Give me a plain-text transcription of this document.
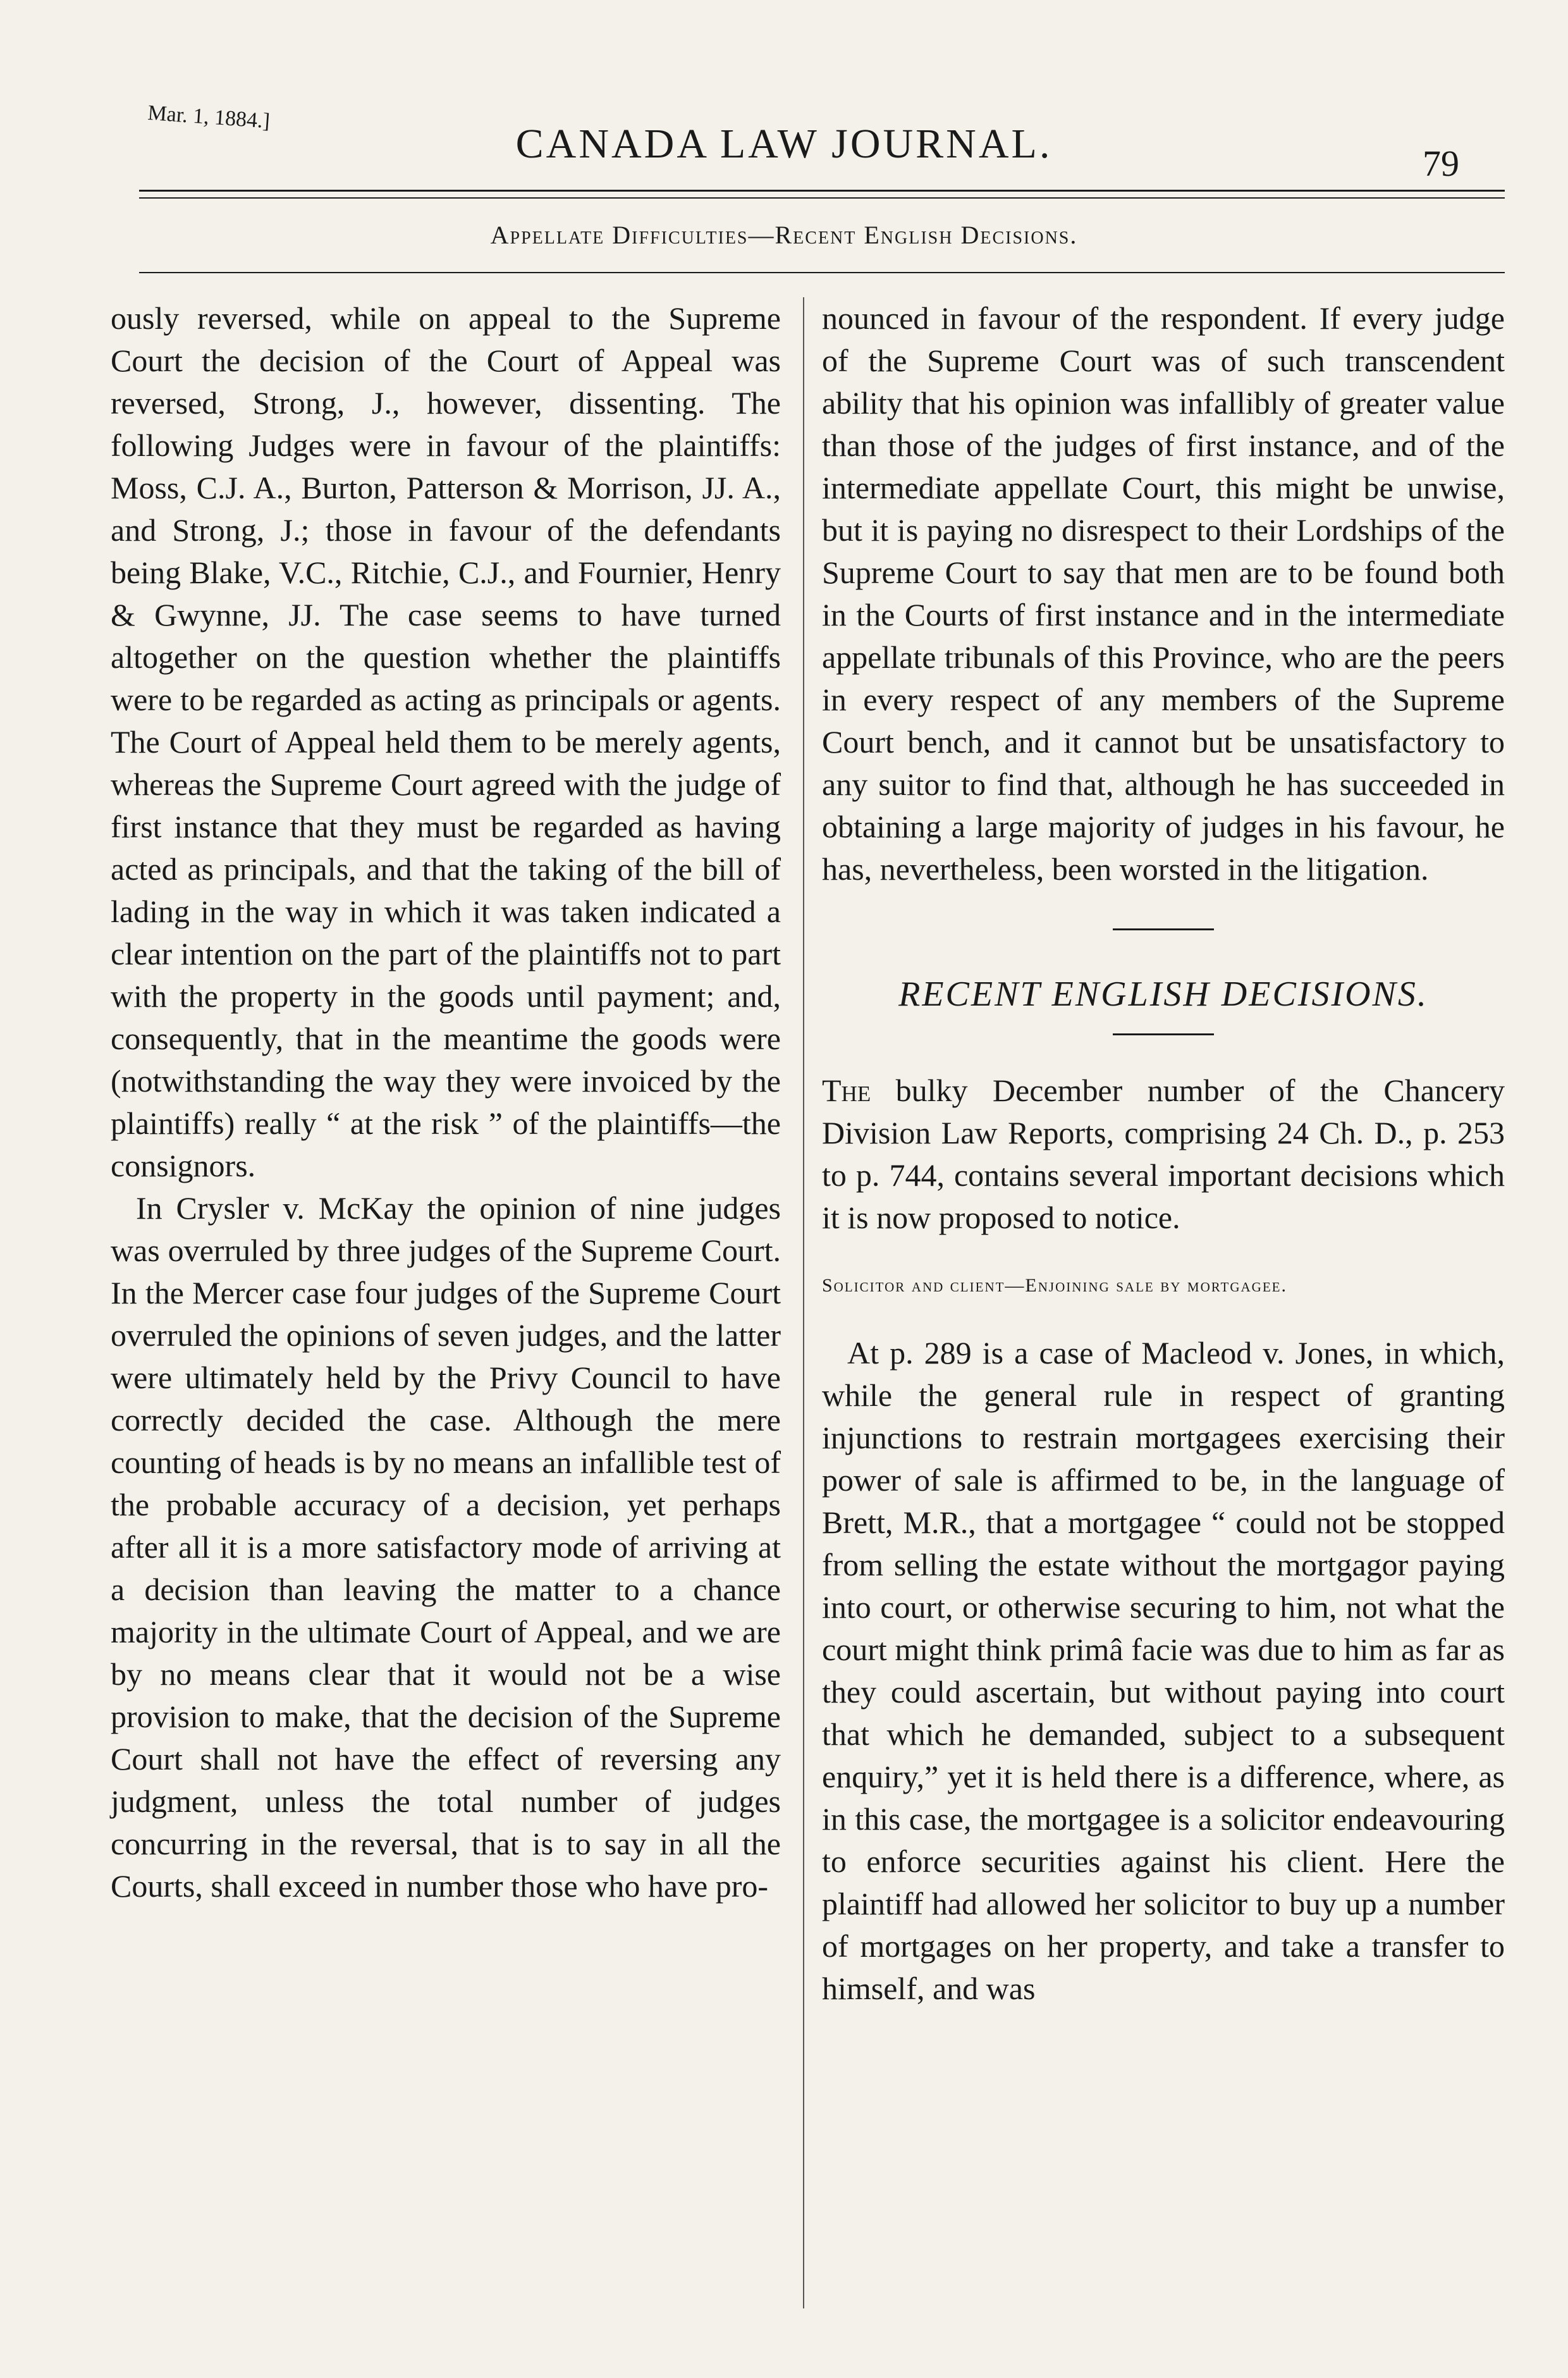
Mar. 1, 1884.]
CANADA LAW JOURNAL.	79
Appellate Difficulties—Recent English Decisions.

ously reversed, while on appeal to the Supreme Court the decision of the Court of Appeal was reversed, Strong, J., however, dissenting. The following Judges were in favour of the plaintiffs: Moss, C.J. A., Burton, Patterson & Morrison, JJ. A., and Strong, J.; those in favour of the defendants being Blake, V.C., Ritchie, C.J., and Fournier, Henry & Gwynne, JJ. The case seems to have turned altogether on the question whether the plaintiffs were to be regarded as acting as principals or agents. The Court of Appeal held them to be merely agents, whereas the Supreme Court agreed with the judge of first instance that they must be regarded as having acted as principals, and that the taking of the bill of lading in the way in which it was taken indicated a clear intention on the part of the plaintiffs not to part with the property in the goods until payment; and, consequently, that in the meantime the goods were (notwithstanding the way they were invoiced by the plaintiffs) really “ at the risk ” of the plaintiffs—the consignors.

In Crysler v. McKay the opinion of nine judges was overruled by three judges of the Supreme Court. In the Mercer case four judges of the Supreme Court overruled the opinions of seven judges, and the latter were ultimately held by the Privy Council to have correctly decided the case. Although the mere counting of heads is by no means an infallible test of the probable accuracy of a decision, yet perhaps after all it is a more satisfactory mode of arriving at a decision than leaving the matter to a chance majority in the ultimate Court of Appeal, and we are by no means clear that it would not be a wise provision to make, that the decision of the Supreme Court shall not have the effect of reversing any judgment, unless the total number of judges concurring in the reversal, that is to say in all the Courts, shall exceed in number those who have pro-

nounced in favour of the respondent. If every judge of the Supreme Court was of such transcendent ability that his opinion was infallibly of greater value than those of the judges of first instance, and of the intermediate appellate Court, this might be unwise, but it is paying no disrespect to their Lordships of the Supreme Court to say that men are to be found both in the Courts of first instance and in the intermediate appellate tribunals of this Province, who are the peers in every respect of any members of the Supreme Court bench, and it cannot but be unsatisfactory to any suitor to find that, although he has succeeded in obtaining a large majority of judges in his favour, he has, nevertheless, been worsted in the litigation.

RECENT ENGLISH DECISIONS.

The bulky December number of the Chancery Division Law Reports, comprising 24 Ch. D., p. 253 to p. 744, contains several important decisions which it is now proposed to notice.

Solicitor and client—Enjoining sale by mortgagee.

At p. 289 is a case of Macleod v. Jones, in which, while the general rule in respect of granting injunctions to restrain mortgagees exercising their power of sale is affirmed to be, in the language of Brett, M.R., that a mortgagee “ could not be stopped from selling the estate without the mortgagor paying into court, or otherwise securing to him, not what the court might think primâ facie was due to him as far as they could ascertain, but without paying into court that which he demanded, subject to a subsequent enquiry,” yet it is held there is a difference, where, as in this case, the mortgagee is a solicitor endeavouring to enforce securities against his client. Here the plaintiff had allowed her solicitor to buy up a number of mortgages on her property, and take a transfer to himself, and was
